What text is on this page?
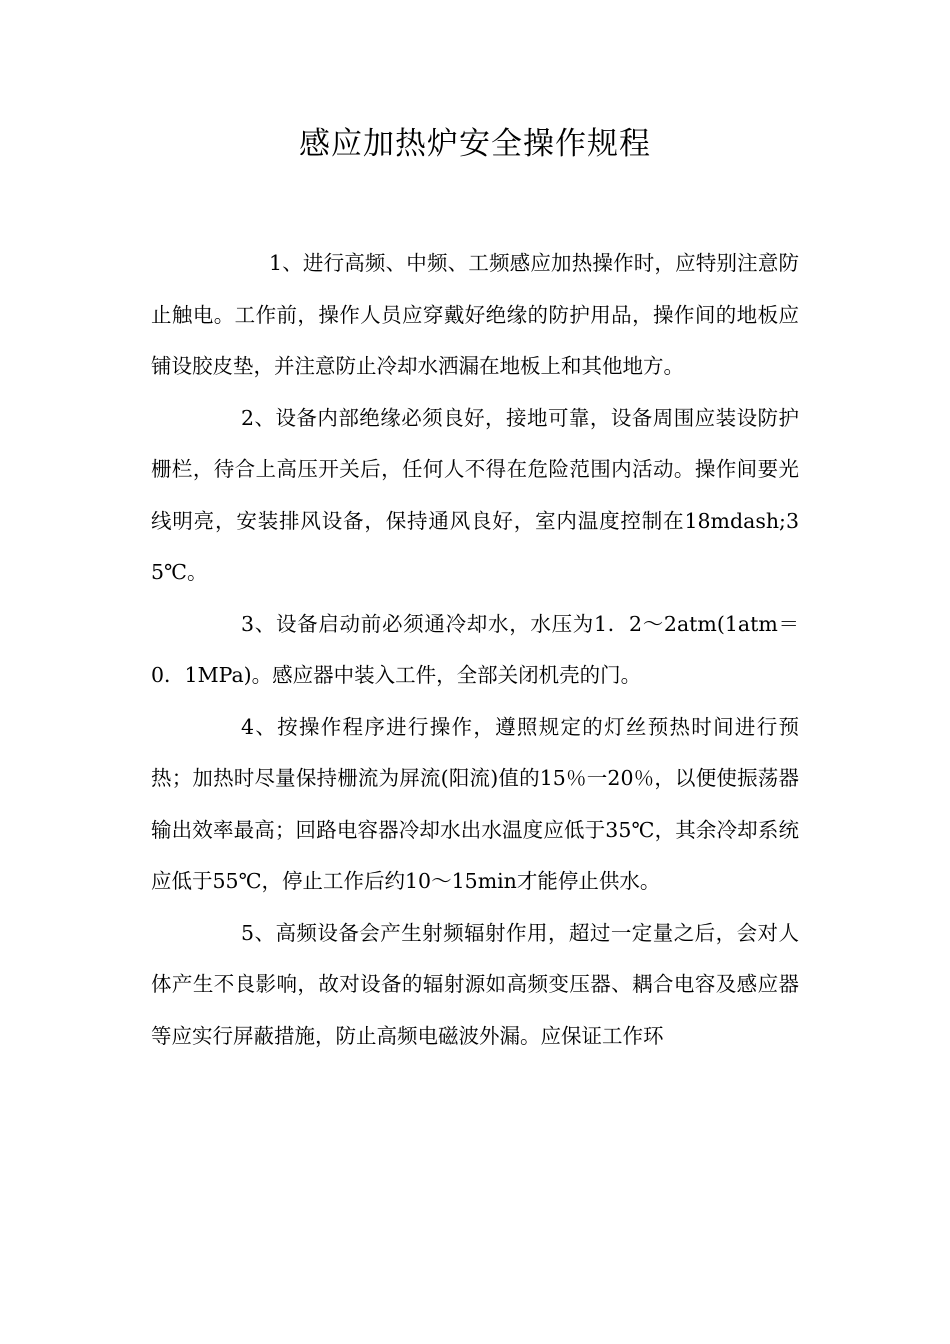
感应加热炉安全操作规程

1、进行高频、中频、工频感应加热操作时，应特别注意防止触电。工作前，操作人员应穿戴好绝缘的防护用品，操作间的地板应铺设胶皮垫，并注意防止冷却水洒漏在地板上和其他地方。

2、设备内部绝缘必须良好，接地可靠，设备周围应装设防护栅栏，待合上高压开关后，任何人不得在危险范围内活动。操作间要光线明亮，安装排风设备，保持通风良好，室内温度控制在18mdash;35℃。

3、设备启动前必须通冷却水，水压为1．2～2atm(1atm＝0．1MPa)。感应器中装入工件，全部关闭机壳的门。

4、按操作程序进行操作，遵照规定的灯丝预热时间进行预热；加热时尽量保持栅流为屏流(阳流)值的15％一20％，以便使振荡器输出效率最高；回路电容器冷却水出水温度应低于35℃，其余冷却系统应低于55℃，停止工作后约10～15min才能停止供水。

5、高频设备会产生射频辐射作用，超过一定量之后，会对人体产生不良影响，故对设备的辐射源如高频变压器、耦合电容及感应器等应实行屏蔽措施，防止高频电磁波外漏。应保证工作环
